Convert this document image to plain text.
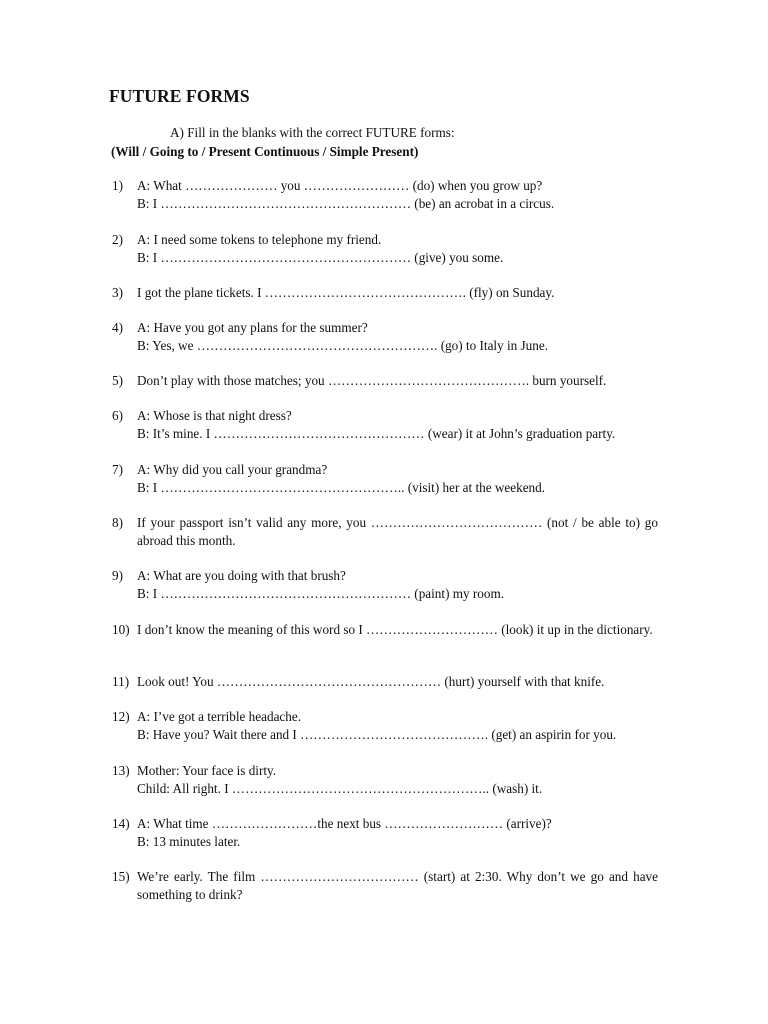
FUTURE FORMS
A) Fill in the blanks with the correct FUTURE forms:
(Will / Going to / Present Continuous / Simple Present)
1) A: What ………………… you …………………… (do) when you grow up?
B: I ………………………………………………… (be) an acrobat in a circus.
2) A: I need some tokens to telephone my friend.
B: I ………………………………………………… (give) you some.
3) I got the plane tickets. I ………………………………………. (fly) on Sunday.
4) A: Have you got any plans for the summer?
B: Yes, we ………………………………………………. (go) to Italy in June.
5) Don’t play with those matches; you ………………………………………. burn yourself.
6) A: Whose is that night dress?
B: It’s mine. I ………………………………………… (wear) it at John’s graduation party.
7) A: Why did you call your grandma?
B: I ……………………………………………….. (visit) her at the weekend.
8) If your passport isn’t valid any more, you ………………………………… (not / be able to) go abroad this month.
9) A: What are you doing with that brush?
B: I ………………………………………………… (paint) my room.
10) I don’t know the meaning of this word so I ………………………… (look) it up in the dictionary.
11) Look out! You …………………………………………… (hurt) yourself with that knife.
12) A: I’ve got a terrible headache.
B: Have you? Wait there and I ……………………………………. (get) an aspirin for you.
13) Mother: Your face is dirty.
Child: All right. I ………………………………………………….. (wash) it.
14) A: What time ……………………the next bus ……………………… (arrive)?
B: 13 minutes later.
15) We’re early. The film ……………………………… (start) at 2:30. Why don’t we go and have something to drink?
